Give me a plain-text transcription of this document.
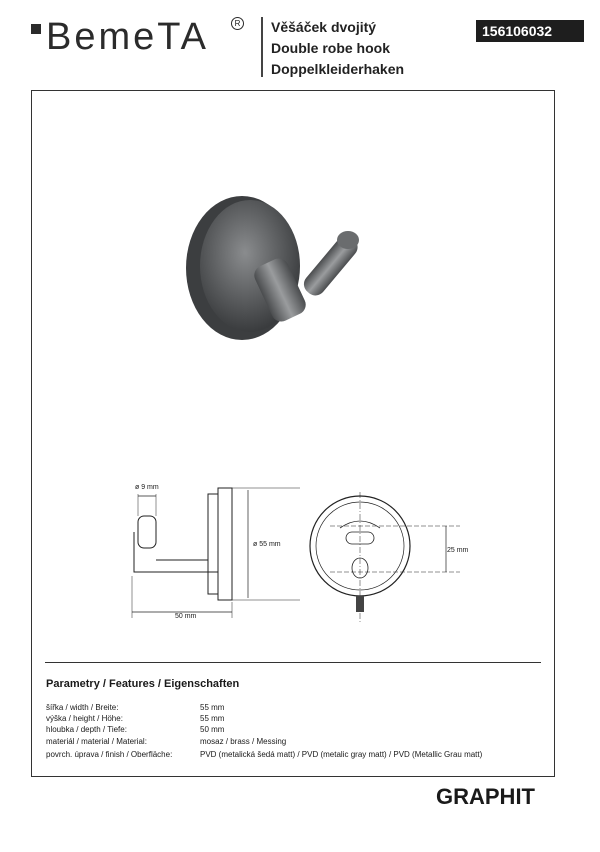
BemeTA	R Věšáček dvojitý
Double robe hook
Doppelkleiderhaken
156106032
ø 9 mm
ø 55 mm
50 mm
25 mm
Parametry / Features / Eigenschaften
šířka / width / Breite:	55 mm
výška / height / Höhe:	55 mm
hloubka / depth / Tiefe:	50 mm
materiál / material / Material:	mosaz / brass / Messing
povrch. úprava / finish / Oberfläche:	PVD (metalická šedá matt) / PVD (metalic gray matt) / PVD (Metallic Grau matt)
GRAPHIT
